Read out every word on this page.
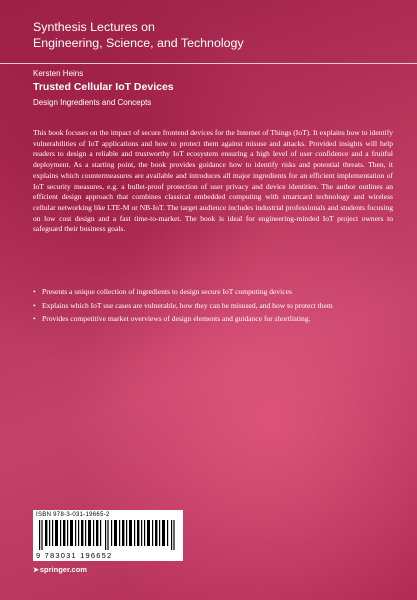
Synthesis Lectures on
Engineering, Science, and Technology
Kersten Heins
Trusted Cellular IoT Devices
Design Ingredients and Concepts

This book focuses on the impact of secure frontend devices for the Internet of Things (IoT). It explains how to identify vulnerabilities of IoT applications and how to protect them against misuse and attacks. Provided insights will help readers to design a reliable and trustworthy IoT ecosystem ensuring a high level of user confidence and a fruitful deployment. As a starting point, the book provides guidance how to identify risks and potential threats. Then, it explains which countermeasures are available and introduces all major ingredients for an efficient implementation of IoT security measures, e.g. a bullet-proof protection of user privacy and device identities. The author outlines an efficient design approach that combines classical embedded computing with smartcard technology and wireless cellular networking like LTE-M or NB-IoT. The target audience includes industrial professionals and students focusing on low cost design and a fast time-to-market. The book is ideal for engineering-minded IoT project owners to safeguard their business goals.

• Presents a unique collection of ingredients to design secure IoT computing devices
• Explains which IoT use cases are vulnerable, how they can be misused, and how to protect them
• Provides competitive market overviews of design elements and guidance for shortlisting.
ISBN 978-3-031-19665-2
9 783031 196652
➤ springer.com
